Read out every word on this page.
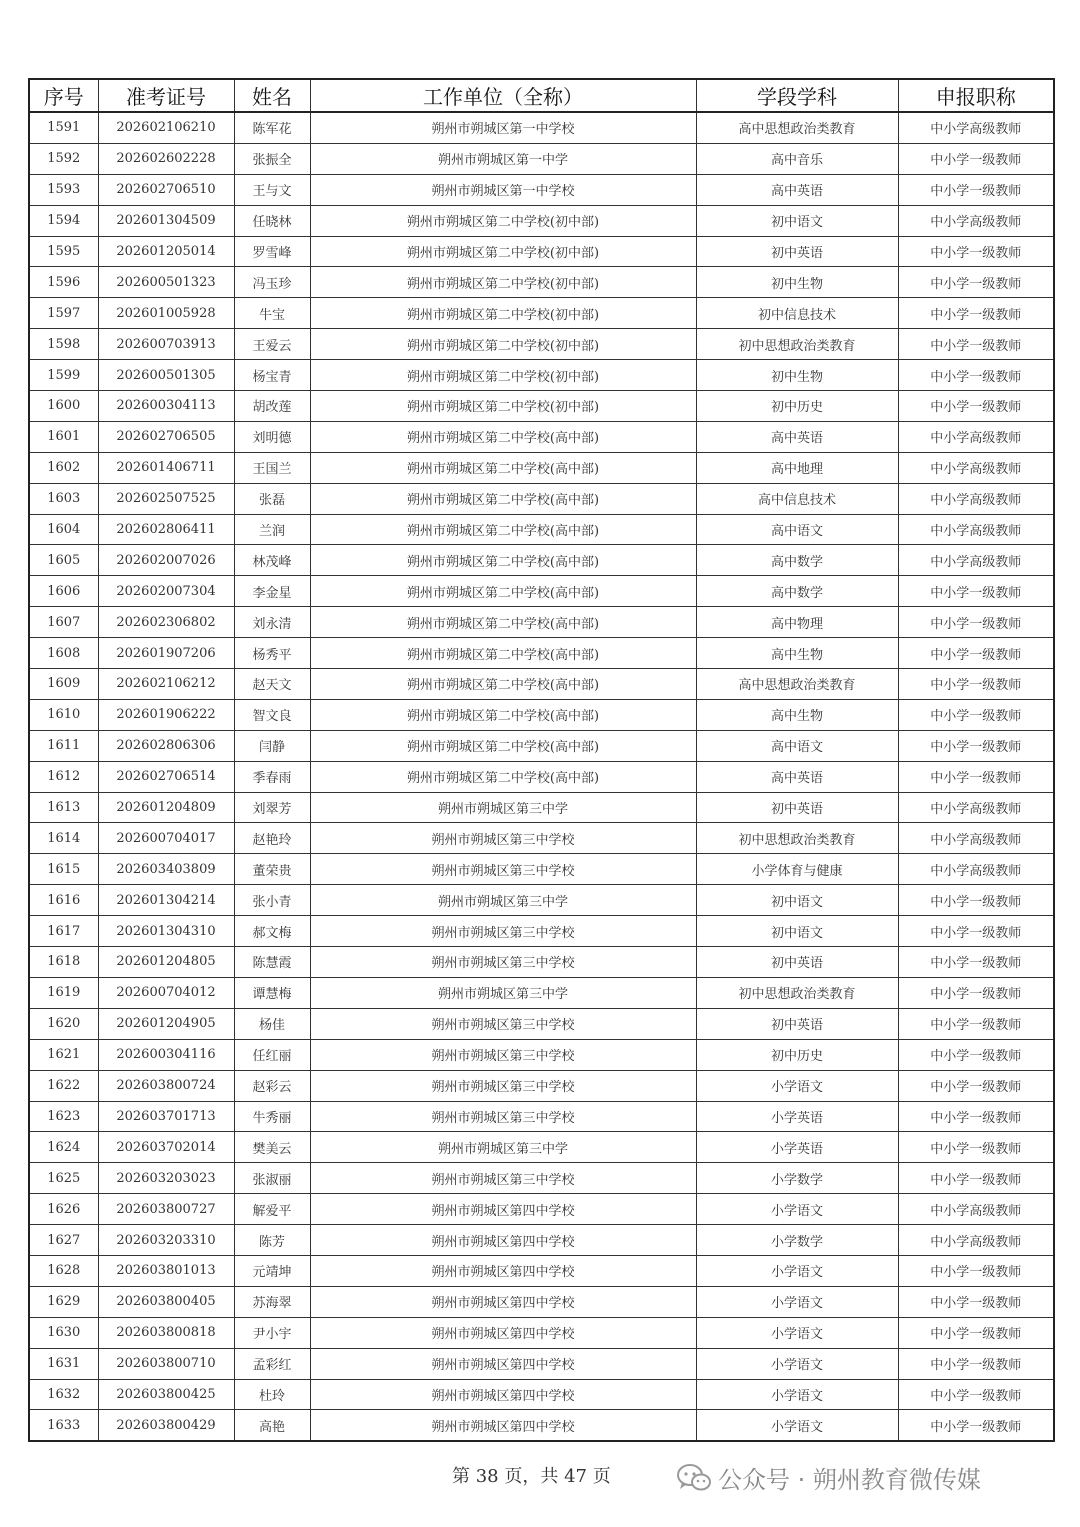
序号	准考证号	姓名	工作单位（全称）	学段学科	申报职称
1591	202602106210	陈军花	朔州市朔城区第一中学校	高中思想政治类教育	中小学高级教师
1592	202602602228	张振全	朔州市朔城区第一中学	高中音乐	中小学一级教师
1593	202602706510	王与文	朔州市朔城区第一中学校	高中英语	中小学一级教师
1594	202601304509	任晓林	朔州市朔城区第二中学校(初中部)	初中语文	中小学高级教师
1595	202601205014	罗雪峰	朔州市朔城区第二中学校(初中部)	初中英语	中小学一级教师
1596	202600501323	冯玉珍	朔州市朔城区第二中学校(初中部)	初中生物	中小学一级教师
1597	202601005928	牛宝	朔州市朔城区第二中学校(初中部)	初中信息技术	中小学一级教师
1598	202600703913	王爱云	朔州市朔城区第二中学校(初中部)	初中思想政治类教育	中小学一级教师
1599	202600501305	杨宝青	朔州市朔城区第二中学校(初中部)	初中生物	中小学一级教师
1600	202600304113	胡改莲	朔州市朔城区第二中学校(初中部)	初中历史	中小学一级教师
1601	202602706505	刘明德	朔州市朔城区第二中学校(高中部)	高中英语	中小学高级教师
1602	202601406711	王国兰	朔州市朔城区第二中学校(高中部)	高中地理	中小学高级教师
1603	202602507525	张磊	朔州市朔城区第二中学校(高中部)	高中信息技术	中小学高级教师
1604	202602806411	兰润	朔州市朔城区第二中学校(高中部)	高中语文	中小学高级教师
1605	202602007026	林茂峰	朔州市朔城区第二中学校(高中部)	高中数学	中小学高级教师
1606	202602007304	李金星	朔州市朔城区第二中学校(高中部)	高中数学	中小学一级教师
1607	202602306802	刘永清	朔州市朔城区第二中学校(高中部)	高中物理	中小学一级教师
1608	202601907206	杨秀平	朔州市朔城区第二中学校(高中部)	高中生物	中小学一级教师
1609	202602106212	赵天文	朔州市朔城区第二中学校(高中部)	高中思想政治类教育	中小学一级教师
1610	202601906222	智文良	朔州市朔城区第二中学校(高中部)	高中生物	中小学一级教师
1611	202602806306	闫静	朔州市朔城区第二中学校(高中部)	高中语文	中小学一级教师
1612	202602706514	季春雨	朔州市朔城区第二中学校(高中部)	高中英语	中小学一级教师
1613	202601204809	刘翠芳	朔州市朔城区第三中学	初中英语	中小学高级教师
1614	202600704017	赵艳玲	朔州市朔城区第三中学校	初中思想政治类教育	中小学高级教师
1615	202603403809	董荣贵	朔州市朔城区第三中学校	小学体育与健康	中小学高级教师
1616	202601304214	张小青	朔州市朔城区第三中学	初中语文	中小学一级教师
1617	202601304310	郝文梅	朔州市朔城区第三中学校	初中语文	中小学一级教师
1618	202601204805	陈慧霞	朔州市朔城区第三中学校	初中英语	中小学一级教师
1619	202600704012	谭慧梅	朔州市朔城区第三中学	初中思想政治类教育	中小学一级教师
1620	202601204905	杨佳	朔州市朔城区第三中学校	初中英语	中小学一级教师
1621	202600304116	任红丽	朔州市朔城区第三中学校	初中历史	中小学一级教师
1622	202603800724	赵彩云	朔州市朔城区第三中学校	小学语文	中小学一级教师
1623	202603701713	牛秀丽	朔州市朔城区第三中学校	小学英语	中小学一级教师
1624	202603702014	樊美云	朔州市朔城区第三中学	小学英语	中小学一级教师
1625	202603203023	张淑丽	朔州市朔城区第三中学校	小学数学	中小学一级教师
1626	202603800727	解爱平	朔州市朔城区第四中学校	小学语文	中小学高级教师
1627	202603203310	陈芳	朔州市朔城区第四中学校	小学数学	中小学高级教师
1628	202603801013	元靖坤	朔州市朔城区第四中学校	小学语文	中小学一级教师
1629	202603800405	苏海翠	朔州市朔城区第四中学校	小学语文	中小学一级教师
1630	202603800818	尹小宇	朔州市朔城区第四中学校	小学语文	中小学一级教师
1631	202603800710	孟彩红	朔州市朔城区第四中学校	小学语文	中小学一级教师
1632	202603800425	杜玲	朔州市朔城区第四中学校	小学语文	中小学一级教师
1633	202603800429	高艳	朔州市朔城区第四中学校	小学语文	中小学一级教师
第 38 页，共 47 页	公众号 · 朔州教育微传媒
